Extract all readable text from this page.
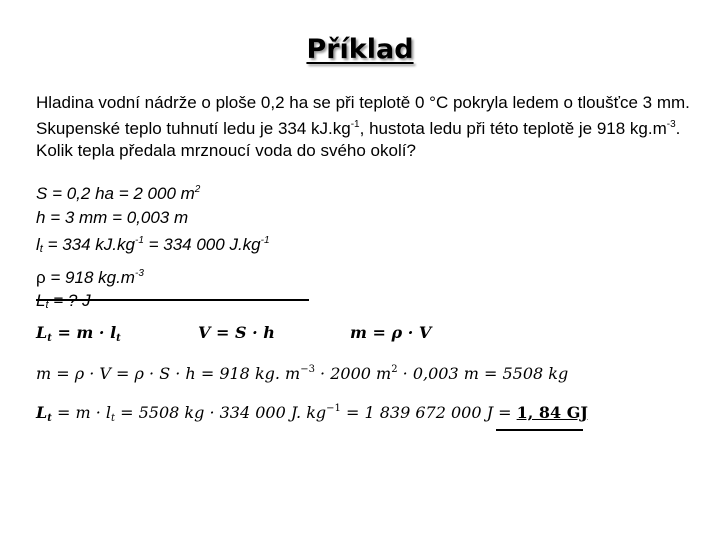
Příklad
Hladina vodní nádrže o ploše 0,2 ha se při teplotě 0 °C pokryla ledem o tloušťce 3 mm. Skupenské teplo tuhnutí ledu je 334 $kJ.kg^{-1}$, hustota ledu při této teplotě je 918 $kg.m^{-3}$. Kolik tepla předala mrznoucí voda do svého okolí?
S = 0,2 ha = 2 000 $m^2$
h = 3 mm = 0,003 m
lt = 334 $kJ.kg^{-1} = 334$ 000 $J.kg^{-1}$
ρ = 918 $kg.m^{-3}$
Lt = ? J
Lt = m · lt	V = S · h	m = ρ · V
m = ρ · V = ρ · S · h = 918 kg. $m^{-3} \cdot 2000$ $m^2 \cdot 0,003$ m = 5508 kg
Lt = m · lt = 5508 kg · 334 000 J. $kg^{-1} = 1$ 839 672 000 J = 1, 84 GJ
